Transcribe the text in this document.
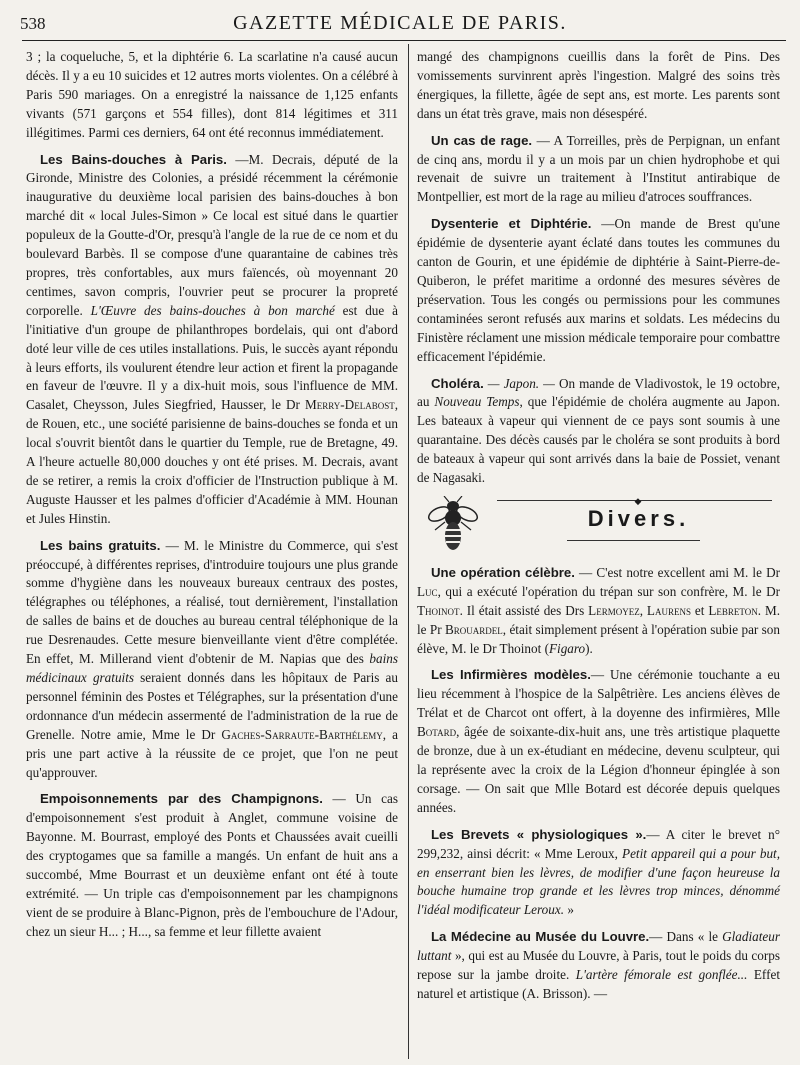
538	GAZETTE MÉDICALE DE PARIS.

3 ; la coqueluche, 5, et la diphtérie 6. La scarlatine n'a causé aucun décès. Il y a eu 10 suicides et 12 autres morts violentes. On a célébré à Paris 590 mariages. On a enregistré la naissance de 1,125 enfants vivants (571 garçons et 554 filles), dont 814 légitimes et 311 illégitimes. Parmi ces derniers, 64 ont été reconnus immédiatement.

Les Bains-douches à Paris. —M. Decrais, député de la Gironde, Ministre des Colonies, a présidé récemment la cérémonie inaugurative du deuxième local parisien des bains-douches à bon marché dit « local Jules-Simon » Ce local est situé dans le quartier populeux de la Goutte-d'Or, presqu'à l'angle de la rue de ce nom et du boulevard Barbès. Il se compose d'une quarantaine de cabines très propres, très confortables, aux murs faïencés, où moyennant 20 centimes, savon compris, l'ouvrier peut se procurer la propreté corporelle. L'Œuvre des bains-douches à bon marché est due à l'initiative d'un groupe de philanthropes bordelais, qui ont d'abord doté leur ville de ces utiles installations. Puis, le succès ayant répondu à leurs efforts, ils voulurent étendre leur action et firent la propagande en faveur de l'œuvre. Il y a dix-huit mois, sous l'influence de MM. Casalet, Cheysson, Jules Siegfried, Hausser, le Dr Merry-Delabost, de Rouen, etc., une société parisienne de bains-douches se fonda et un local s'ouvrit bientôt dans le quartier du Temple, rue de Bretagne, 49. A l'heure actuelle 80,000 douches y ont été prises. M. Decrais, avant de se retirer, a remis la croix d'officier de l'Instruction publique à M. Auguste Hausser et les palmes d'officier d'Académie à MM. Hounan et Jules Hinstin.

Les bains gratuits. — M. le Ministre du Commerce, qui s'est préoccupé, à différentes reprises, d'introduire toujours une plus grande somme d'hygiène dans les nouveaux bureaux centraux des postes, télégraphes ou téléphones, a réalisé, tout dernièrement, l'installation de salles de bains et de douches au bureau central téléphonique de la rue Desrenaudes. Cette mesure bienveillante vient d'être complétée. En effet, M. Millerand vient d'obtenir de M. Napias que des bains médicinaux gratuits seraient donnés dans les hôpitaux de Paris au personnel féminin des Postes et Télégraphes, sur la présentation d'une ordonnance d'un médecin assermenté de l'administration de la rue de Grenelle. Notre amie, Mme le Dr Gaches-Sarraute-Barthélemy, a pris une part active à la réussite de ce projet, que l'on ne peut qu'approuver.

Empoisonnements par des Champignons. — Un cas d'empoisonnement s'est produit à Anglet, commune voisine de Bayonne. M. Bourrast, employé des Ponts et Chaussées avait cueilli des cryptogames que sa famille a mangés. Un enfant de huit ans a succombé, Mme Bourrast et un deuxième enfant ont été à toute extrémité. — Un triple cas d'empoisonnement par les champignons vient de se produire à Blanc-Pignon, près de l'embouchure de l'Adour, chez un sieur H... ; H..., sa femme et leur fillette avaient

mangé des champignons cueillis dans la forêt de Pins. Des vomissements survinrent après l'ingestion. Malgré des soins très énergiques, la fillette, âgée de sept ans, est morte. Les parents sont dans un état très grave, mais non désespéré.

Un cas de rage. — A Torreilles, près de Perpignan, un enfant de cinq ans, mordu il y a un mois par un chien hydrophobe et qui revenait de suivre un traitement à l'Institut antirabique de Montpellier, est mort de la rage au milieu d'atroces souffrances.

Dysenterie et Diphtérie. —On mande de Brest qu'une épidémie de dysenterie ayant éclaté dans toutes les communes du canton de Gourin, et une épidémie de diphtérie à Saint-Pierre-de-Quiberon, le préfet maritime a ordonné des mesures sévères de préservation. Tous les congés ou permissions pour les communes contaminées seront refusés aux marins et soldats. Les médecins du Finistère réclament une mission médicale temporaire pour combattre efficacement l'épidémie.

Choléra. — Japon. — On mande de Vladivostok, le 19 octobre, au Nouveau Temps, que l'épidémie de choléra augmente au Japon. Les bateaux à vapeur qui viennent de ce pays sont soumis à une quarantaine. Des décès causés par le choléra se sont produits à bord de bateaux à vapeur qui sont arrivés dans la baie de Possiet, venant de Nagasaki.

◆
Divers.

Une opération célèbre. — C'est notre excellent ami M. le Dr Luc, qui a exécuté l'opération du trépan sur son confrère, M. le Dr Thoinot. Il était assisté des Drs Lermoyez, Laurens et Lebreton. M. le Pr Brouardel, était simplement présent à l'opération subie par son élève, M. le Dr Thoinot (Figaro).

Les Infirmières modèles.— Une cérémonie touchante a eu lieu récemment à l'hospice de la Salpêtrière. Les anciens élèves de Trélat et de Charcot ont offert, à la doyenne des infirmières, Mlle Botard, âgée de soixante-dix-huit ans, une très artistique plaquette de bronze, due à un ex-étudiant en médecine, devenu sculpteur, qui la représente avec la croix de la Légion d'honneur épinglée à son corsage. — On sait que Mlle Botard est décorée depuis quelques années.

Les Brevets « physiologiques ».— A citer le brevet n° 299,232, ainsi décrit: « Mme Leroux, Petit appareil qui a pour but, en enserrant bien les lèvres, de modifier d'une façon heureuse la bouche humaine trop grande et les lèvres trop minces, dénommé l'idéal modificateur Leroux. »

La Médecine au Musée du Louvre.— Dans « le Gladiateur luttant », qui est au Musée du Louvre, à Paris, tout le poids du corps repose sur la jambe droite. L'artère fémorale est gonflée... Effet naturel et artistique (A. Brisson). —
